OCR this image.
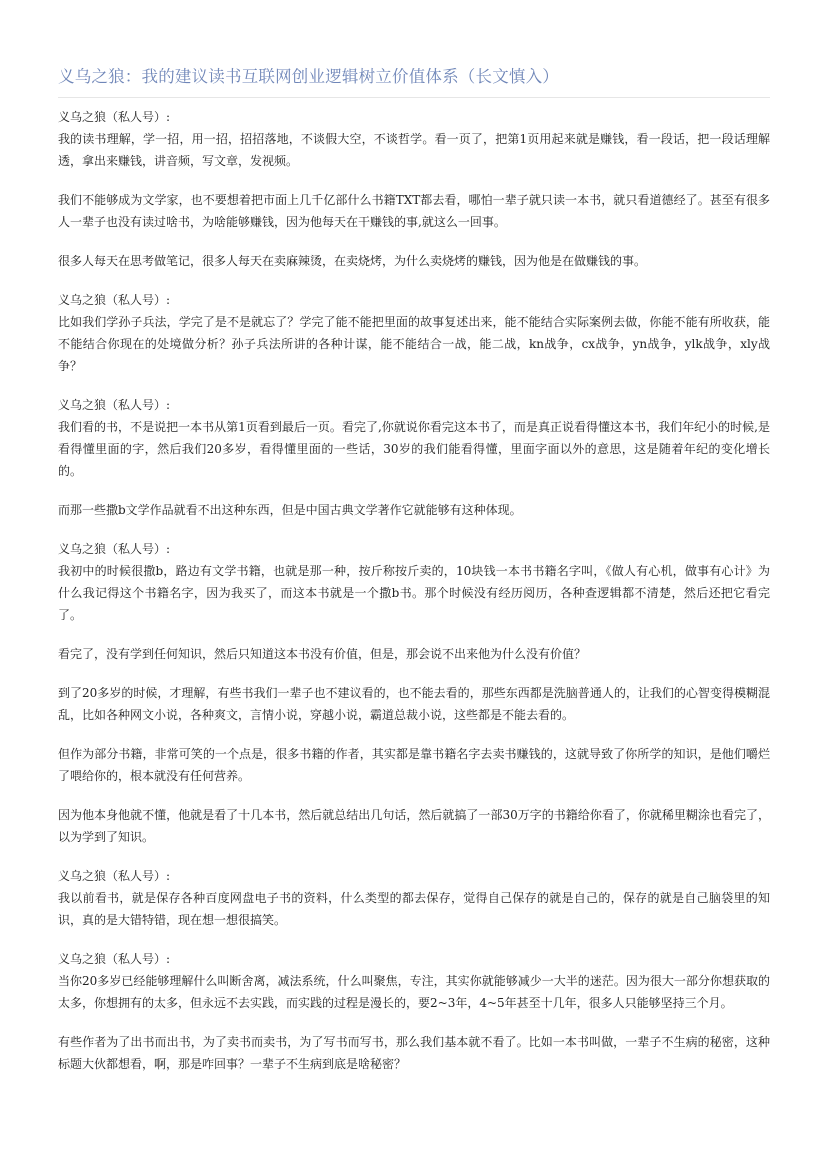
义乌之狼：我的建议读书互联网创业逻辑树立价值体系（长文慎入）

义乌之狼（私人号）:
我的读书理解，学一招，用一招，招招落地，不谈假大空，不谈哲学。看一页了，把第1页用起来就是赚钱，看一段话，把一段话理解透，拿出来赚钱，讲音频，写文章，发视频。

我们不能够成为文学家，也不要想着把市面上几千亿部什么书籍TXT都去看，哪怕一辈子就只读一本书，就只看道德经了。甚至有很多人一辈子也没有读过啥书，为啥能够赚钱，因为他每天在干赚钱的事,就这么一回事。

很多人每天在思考做笔记，很多人每天在卖麻辣烫，在卖烧烤，为什么卖烧烤的赚钱，因为他是在做赚钱的事。

义乌之狼（私人号）:
比如我们学孙子兵法，学完了是不是就忘了？学完了能不能把里面的故事复述出来，能不能结合实际案例去做，你能不能有所收获，能不能结合你现在的处境做分析？孙子兵法所讲的各种计谋，能不能结合一战，能二战，kn战争，cx战争，yn战争，ylk战争，xly战争？

义乌之狼（私人号）:
我们看的书，不是说把一本书从第1页看到最后一页。看完了,你就说你看完这本书了，而是真正说看得懂这本书，我们年纪小的时候,是看得懂里面的字，然后我们20多岁，看得懂里面的一些话，30岁的我们能看得懂，里面字面以外的意思，这是随着年纪的变化增长的。

而那一些撒b文学作品就看不出这种东西，但是中国古典文学著作它就能够有这种体现。

义乌之狼（私人号）:
我初中的时候很撒b，路边有文学书籍，也就是那一种，按斤称按斤卖的，10块钱一本书书籍名字叫，《做人有心机，做事有心计》为什么我记得这个书籍名字，因为我买了，而这本书就是一个撒b书。那个时候没有经历阅历，各种查逻辑都不清楚，然后还把它看完了。

看完了，没有学到任何知识，然后只知道这本书没有价值，但是，那会说不出来他为什么没有价值？

到了20多岁的时候，才理解，有些书我们一辈子也不建议看的，也不能去看的，那些东西都是洗脑普通人的，让我们的心智变得模糊混乱，比如各种网文小说，各种爽文，言情小说，穿越小说，霸道总裁小说，这些都是不能去看的。

但作为部分书籍，非常可笑的一个点是，很多书籍的作者，其实都是靠书籍名字去卖书赚钱的，这就导致了你所学的知识，是他们嚼烂了喂给你的，根本就没有任何营养。

因为他本身他就不懂，他就是看了十几本书，然后就总结出几句话，然后就搞了一部30万字的书籍给你看了，你就稀里糊涂也看完了，以为学到了知识。

义乌之狼（私人号）:
我以前看书，就是保存各种百度网盘电子书的资料，什么类型的都去保存，觉得自己保存的就是自己的，保存的就是自己脑袋里的知识，真的是大错特错，现在想一想很搞笑。

义乌之狼（私人号）:
当你20多岁已经能够理解什么叫断舍离，减法系统，什么叫聚焦，专注，其实你就能够减少一大半的迷茫。因为很大一部分你想获取的太多，你想拥有的太多，但永远不去实践，而实践的过程是漫长的，要2~3年，4~5年甚至十几年，很多人只能够坚持三个月。

有些作者为了出书而出书，为了卖书而卖书，为了写书而写书，那么我们基本就不看了。比如一本书叫做，一辈子不生病的秘密，这种标题大伙都想看，啊，那是咋回事？一辈子不生病到底是啥秘密？
